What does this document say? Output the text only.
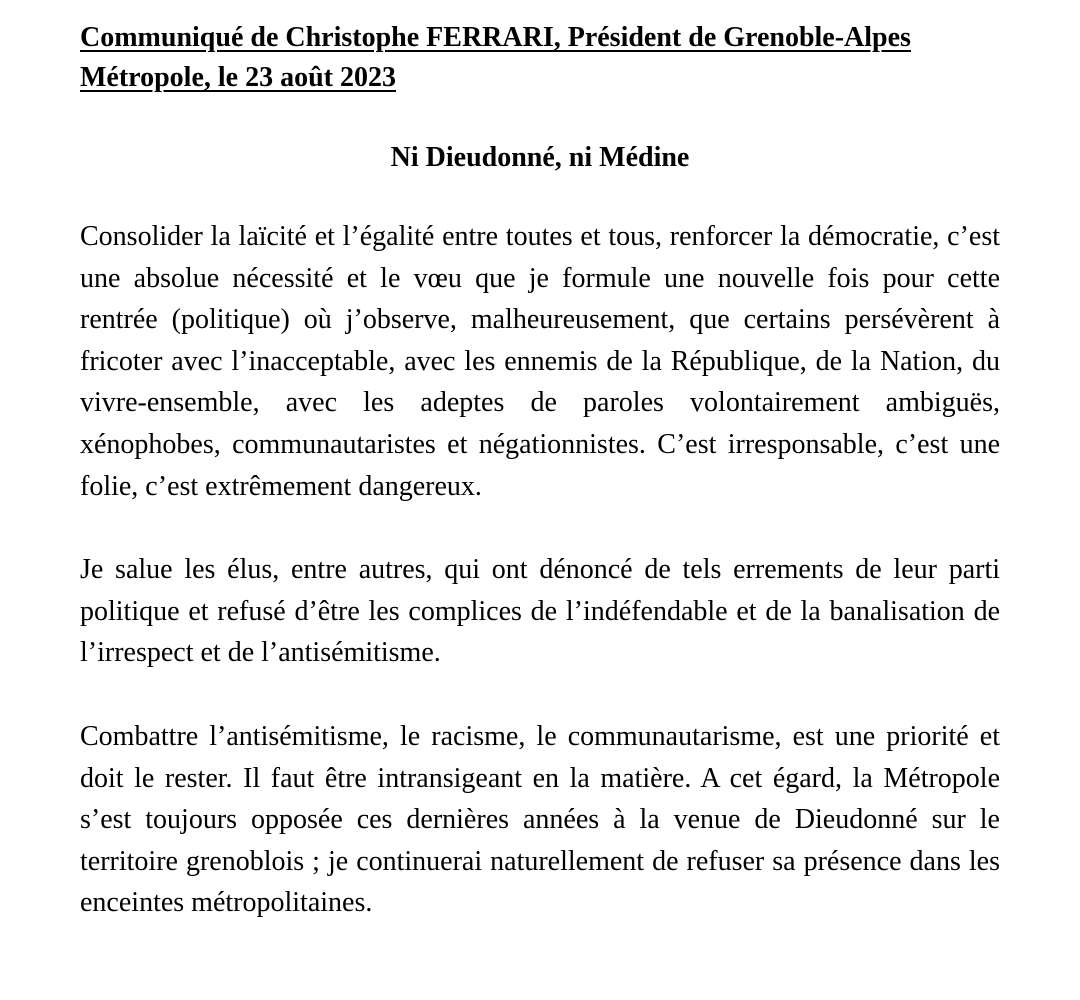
Communiqué de Christophe FERRARI, Président de Grenoble-Alpes Métropole, le 23 août 2023
Ni Dieudonné, ni Médine

Consolider la laïcité et l’égalité entre toutes et tous, renforcer la démocratie, c’est une absolue nécessité et le vœu que je formule une nouvelle fois pour cette rentrée (politique) où j’observe, malheureusement, que certains persévèrent à fricoter avec l’inacceptable, avec les ennemis de la République, de la Nation, du vivre-ensemble, avec les adeptes de paroles volontairement ambiguës, xénophobes, communautaristes et négationnistes. C’est irresponsable, c’est une folie, c’est extrêmement dangereux.

Je salue les élus, entre autres, qui ont dénoncé de tels errements de leur parti politique et refusé d’être les complices de l’indéfendable et de la banalisation de l’irrespect et de l’antisémitisme.

Combattre l’antisémitisme, le racisme, le communautarisme, est une priorité et doit le rester. Il faut être intransigeant en la matière. A cet égard, la Métropole s’est toujours opposée ces dernières années à la venue de Dieudonné sur le territoire grenoblois ; je continuerai naturellement de refuser sa présence dans les enceintes métropolitaines.
